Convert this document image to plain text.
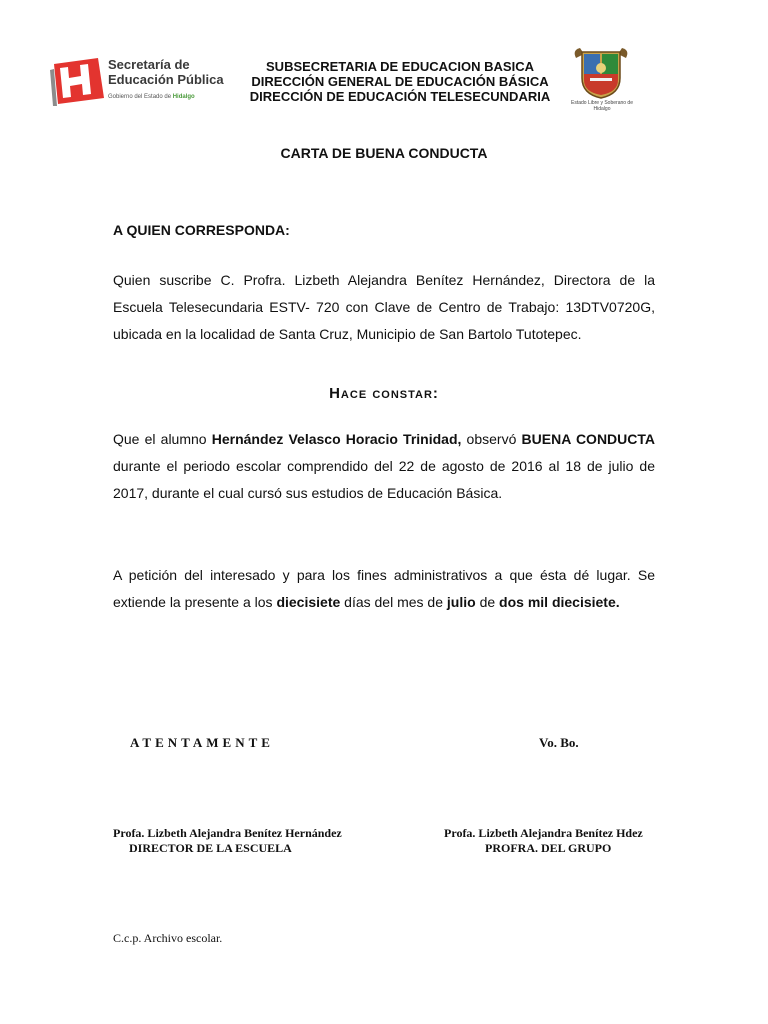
Secretaría de
Educación Pública
Gobierno del Estado de Hidalgo
SUBSECRETARIA DE EDUCACION BASICA
DIRECCIÓN GENERAL DE EDUCACIÓN BÁSICA
DIRECCIÓN DE EDUCACIÓN TELESECUNDARIA	Estado Libre y Soberano de Hidalgo
CARTA DE BUENA CONDUCTA
A QUIEN CORRESPONDA:
Quien suscribe C. Profra. Lizbeth Alejandra Benítez Hernández, Directora de la Escuela Telesecundaria ESTV- 720 con Clave de Centro de Trabajo: 13DTV0720G, ubicada en la localidad de Santa Cruz, Municipio de San Bartolo Tutotepec.
Hace constar:
Que el alumno Hernández Velasco Horacio Trinidad, observó BUENA CONDUCTA durante el periodo escolar comprendido del 22 de agosto de 2016 al 18 de julio de 2017, durante el cual cursó sus estudios de Educación Básica.
A petición del interesado y para los fines administrativos a que ésta dé lugar. Se extiende la presente a los diecisiete días del mes de julio de dos mil diecisiete.
ATENTAMENTE	Vo. Bo.
Profa. Lizbeth Alejandra Benítez Hernández
DIRECTOR DE LA ESCUELA
Profa. Lizbeth Alejandra Benítez Hdez
PROFRA. DEL GRUPO
C.c.p. Archivo escolar.
